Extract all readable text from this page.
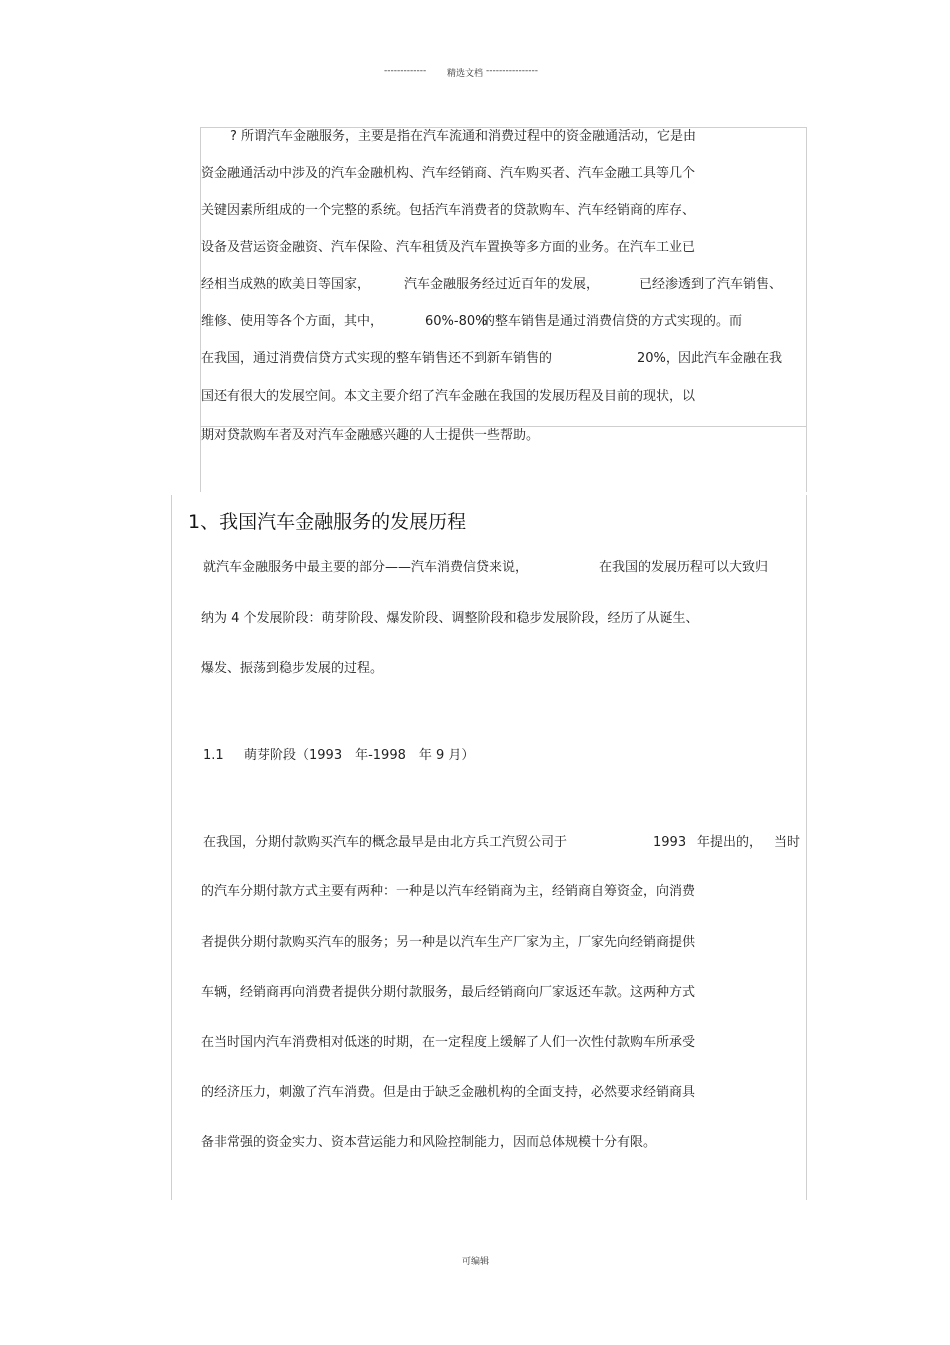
------------- 精选文档 ----------------
? 所谓汽车金融服务，主要是指在汽车流通和消费过程中的资金融通活动，它是由
资金融通活动中涉及的汽车金融机构、汽车经销商、汽车购买者、汽车金融工具等几个
关键因素所组成的一个完整的系统。包括汽车消费者的贷款购车、汽车经销商的库存、
设备及营运资金融资、汽车保险、汽车租赁及汽车置换等多方面的业务。在汽车工业已
经相当成熟的欧美日等国家，	汽车金融服务经过近百年的发展，	已经渗透到了汽车销售、
维修、使用等各个方面，其中，	60%-80%
的整车销售是通过消费信贷的方式实现的。而
在我国，通过消费信贷方式实现的整车销售还不到新车销售的	20%， 因此汽车金融在我
国还有很大的发展空间。本文主要介绍了汽车金融在我国的发展历程及目前的现状，以
期对贷款购车者及对汽车金融感兴趣的人士提供一些帮助。
1、我国汽车金融服务的发展历程
就汽车金融服务中最主要的部分——汽车消费信贷来说，	在我国的发展历程可以大致归
纳为 4 个发展阶段：萌芽阶段、爆发阶段、调整阶段和稳步发展阶段，经历了从诞生、
爆发、振荡到稳步发展的过程。
1.1 萌芽阶段（1993　年-1998　年 9 月）
在我国，分期付款购买汽车的概念最早是由北方兵工汽贸公司于	1993 年提出的， 当时
的汽车分期付款方式主要有两种：一种是以汽车经销商为主，经销商自筹资金，向消费
者提供分期付款购买汽车的服务；另一种是以汽车生产厂家为主，厂家先向经销商提供
车辆，经销商再向消费者提供分期付款服务，最后经销商向厂家返还车款。这两种方式
在当时国内汽车消费相对低迷的时期，在一定程度上缓解了人们一次性付款购车所承受
的经济压力，刺激了汽车消费。但是由于缺乏金融机构的全面支持，必然要求经销商具
备非常强的资金实力、资本营运能力和风险控制能力，因而总体规模十分有限。
可编辑
